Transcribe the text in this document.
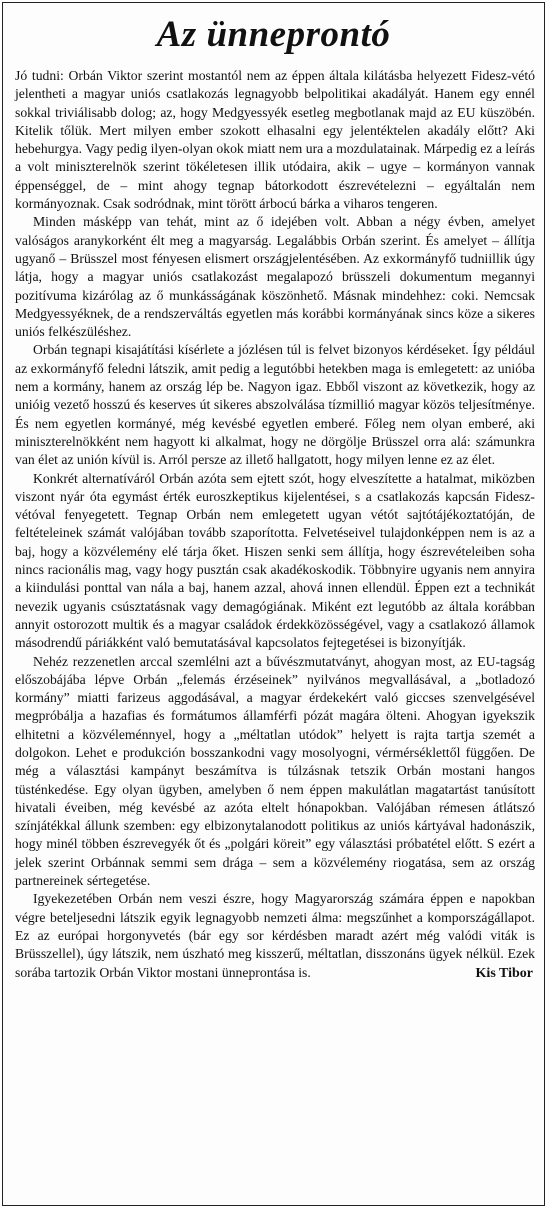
Az ünneprontó

Jó tudni: Orbán Viktor szerint mostantól nem az éppen általa kilátásba helyezett Fidesz-vétó jelentheti a magyar uniós csatlakozás legnagyobb belpolitikai akadályát. Hanem egy ennél sokkal triviálisabb dolog; az, hogy Medgyessyék esetleg megbotlanak majd az EU küszöbén. Kitelik tőlük. Mert milyen ember szokott elhasalni egy jelentéktelen akadály előtt? Aki hebehurgya. Vagy pedig ilyen-olyan okok miatt nem ura a mozdulatainak. Márpedig ez a leírás a volt miniszterelnök szerint tökéletesen illik utódaira, akik – ugye – kormányon vannak éppenséggel, de – mint ahogy tegnap bátorkodott észrevételezni – egyáltalán nem kormányoznak. Csak sodródnak, mint törött árbocú bárka a viharos tengeren.

Minden másképp van tehát, mint az ő idejében volt. Abban a négy évben, amelyet valóságos aranykorként élt meg a magyarság. Legalábbis Orbán szerint. És amelyet – állítja ugyanő – Brüsszel most fényesen elismert országjelentésében. Az exkormányfő tudniillik úgy látja, hogy a magyar uniós csatlakozást megalapozó brüsszeli dokumentum megannyi pozitívuma kizárólag az ő munkásságának köszönhető. Másnak mindehhez: coki. Nemcsak Medgyessyéknek, de a rendszerváltás egyetlen más korábbi kormányának sincs köze a sikeres uniós felkészüléshez.

Orbán tegnapi kisajátítási kísérlete a józlésen túl is felvet bizonyos kérdéseket. Így például az exkormányfő feledni látszik, amit pedig a legutóbbi hetekben maga is emlegetett: az unióba nem a kormány, hanem az ország lép be. Nagyon igaz. Ebből viszont az következik, hogy az unióig vezető hosszú és keserves út sikeres abszolválása tízmillió magyar közös teljesítménye. És nem egyetlen kormányé, még kevésbé egyetlen emberé. Főleg nem olyan emberé, aki miniszterelnökként nem hagyott ki alkalmat, hogy ne dörgölje Brüsszel orra alá: számunkra van élet az unión kívül is. Arról persze az illető hallgatott, hogy milyen lenne ez az élet.

Konkrét alternatíváról Orbán azóta sem ejtett szót, hogy elveszítette a hatalmat, miközben viszont nyár óta egymást érték euroszkeptikus kijelentései, s a csatlakozás kapcsán Fidesz-vétóval fenyegetett. Tegnap Orbán nem emlegetett ugyan vétót sajtótájékoztatóján, de feltételeinek számát valójában tovább szaporította. Felvetéseivel tulajdonképpen nem is az a baj, hogy a közvélemény elé tárja őket. Hiszen senki sem állítja, hogy észrevételeiben soha nincs racionális mag, vagy hogy pusztán csak akadékoskodik. Többnyire ugyanis nem annyira a kiindulási ponttal van nála a baj, hanem azzal, ahová innen ellendül. Éppen ezt a technikát nevezik ugyanis csúsztatásnak vagy demagógiának. Miként ezt legutóbb az általa korábban annyit ostorozott multik és a magyar családok érdekközösségével, vagy a csatlakozó államok másodrendű páriákként való bemutatásával kapcsolatos fejtegetései is bizonyítják.

Nehéz rezzenetlen arccal szemlélni azt a bűvészmutatványt, ahogyan most, az EU-tagság előszobájába lépve Orbán „felemás érzéseinek” nyilvános megvallásával, a „botladozó kormány” miatti farizeus aggodásával, a magyar érdekekért való giccses szenvelgésével megpróbálja a hazafias és formátumos államférfi pózát magára ölteni. Ahogyan igyekszik elhitetni a közvéleménnyel, hogy a „méltatlan utódok” helyett is rajta tartja szemét a dolgokon. Lehet e produkción bosszankodni vagy mosolyogni, vérmérséklettől függően. De még a választási kampányt beszámítva is túlzásnak tetszik Orbán mostani hangos tüsténkedése. Egy olyan ügyben, amelyben ő nem éppen makulátlan magatartást tanúsított hivatali éveiben, még kevésbé az azóta eltelt hónapokban. Valójában rémesen átlátszó színjátékkal állunk szemben: egy elbizonytalanodott politikus az uniós kártyával hadonászik, hogy minél többen észrevegyék őt és „polgári köreit” egy választási próbatétel előtt. S ezért a jelek szerint Orbánnak semmi sem drága – sem a közvélemény riogatása, sem az ország partnereinek sértegetése.

Igyekezetében Orbán nem veszi észre, hogy Magyarország számára éppen e napokban végre beteljesedni látszik egyik legnagyobb nemzeti álma: megszűnhet a kompországállapot. Ez az európai horgonyvetés (bár egy sor kérdésben maradt azért még valódi viták is Brüsszellel), úgy látszik, nem úszható meg kisszerű, méltatlan, disszonáns ügyek nélkül. Ezek sorába tartozik Orbán Viktor mostani ünneprontása is.	Kis Tibor
